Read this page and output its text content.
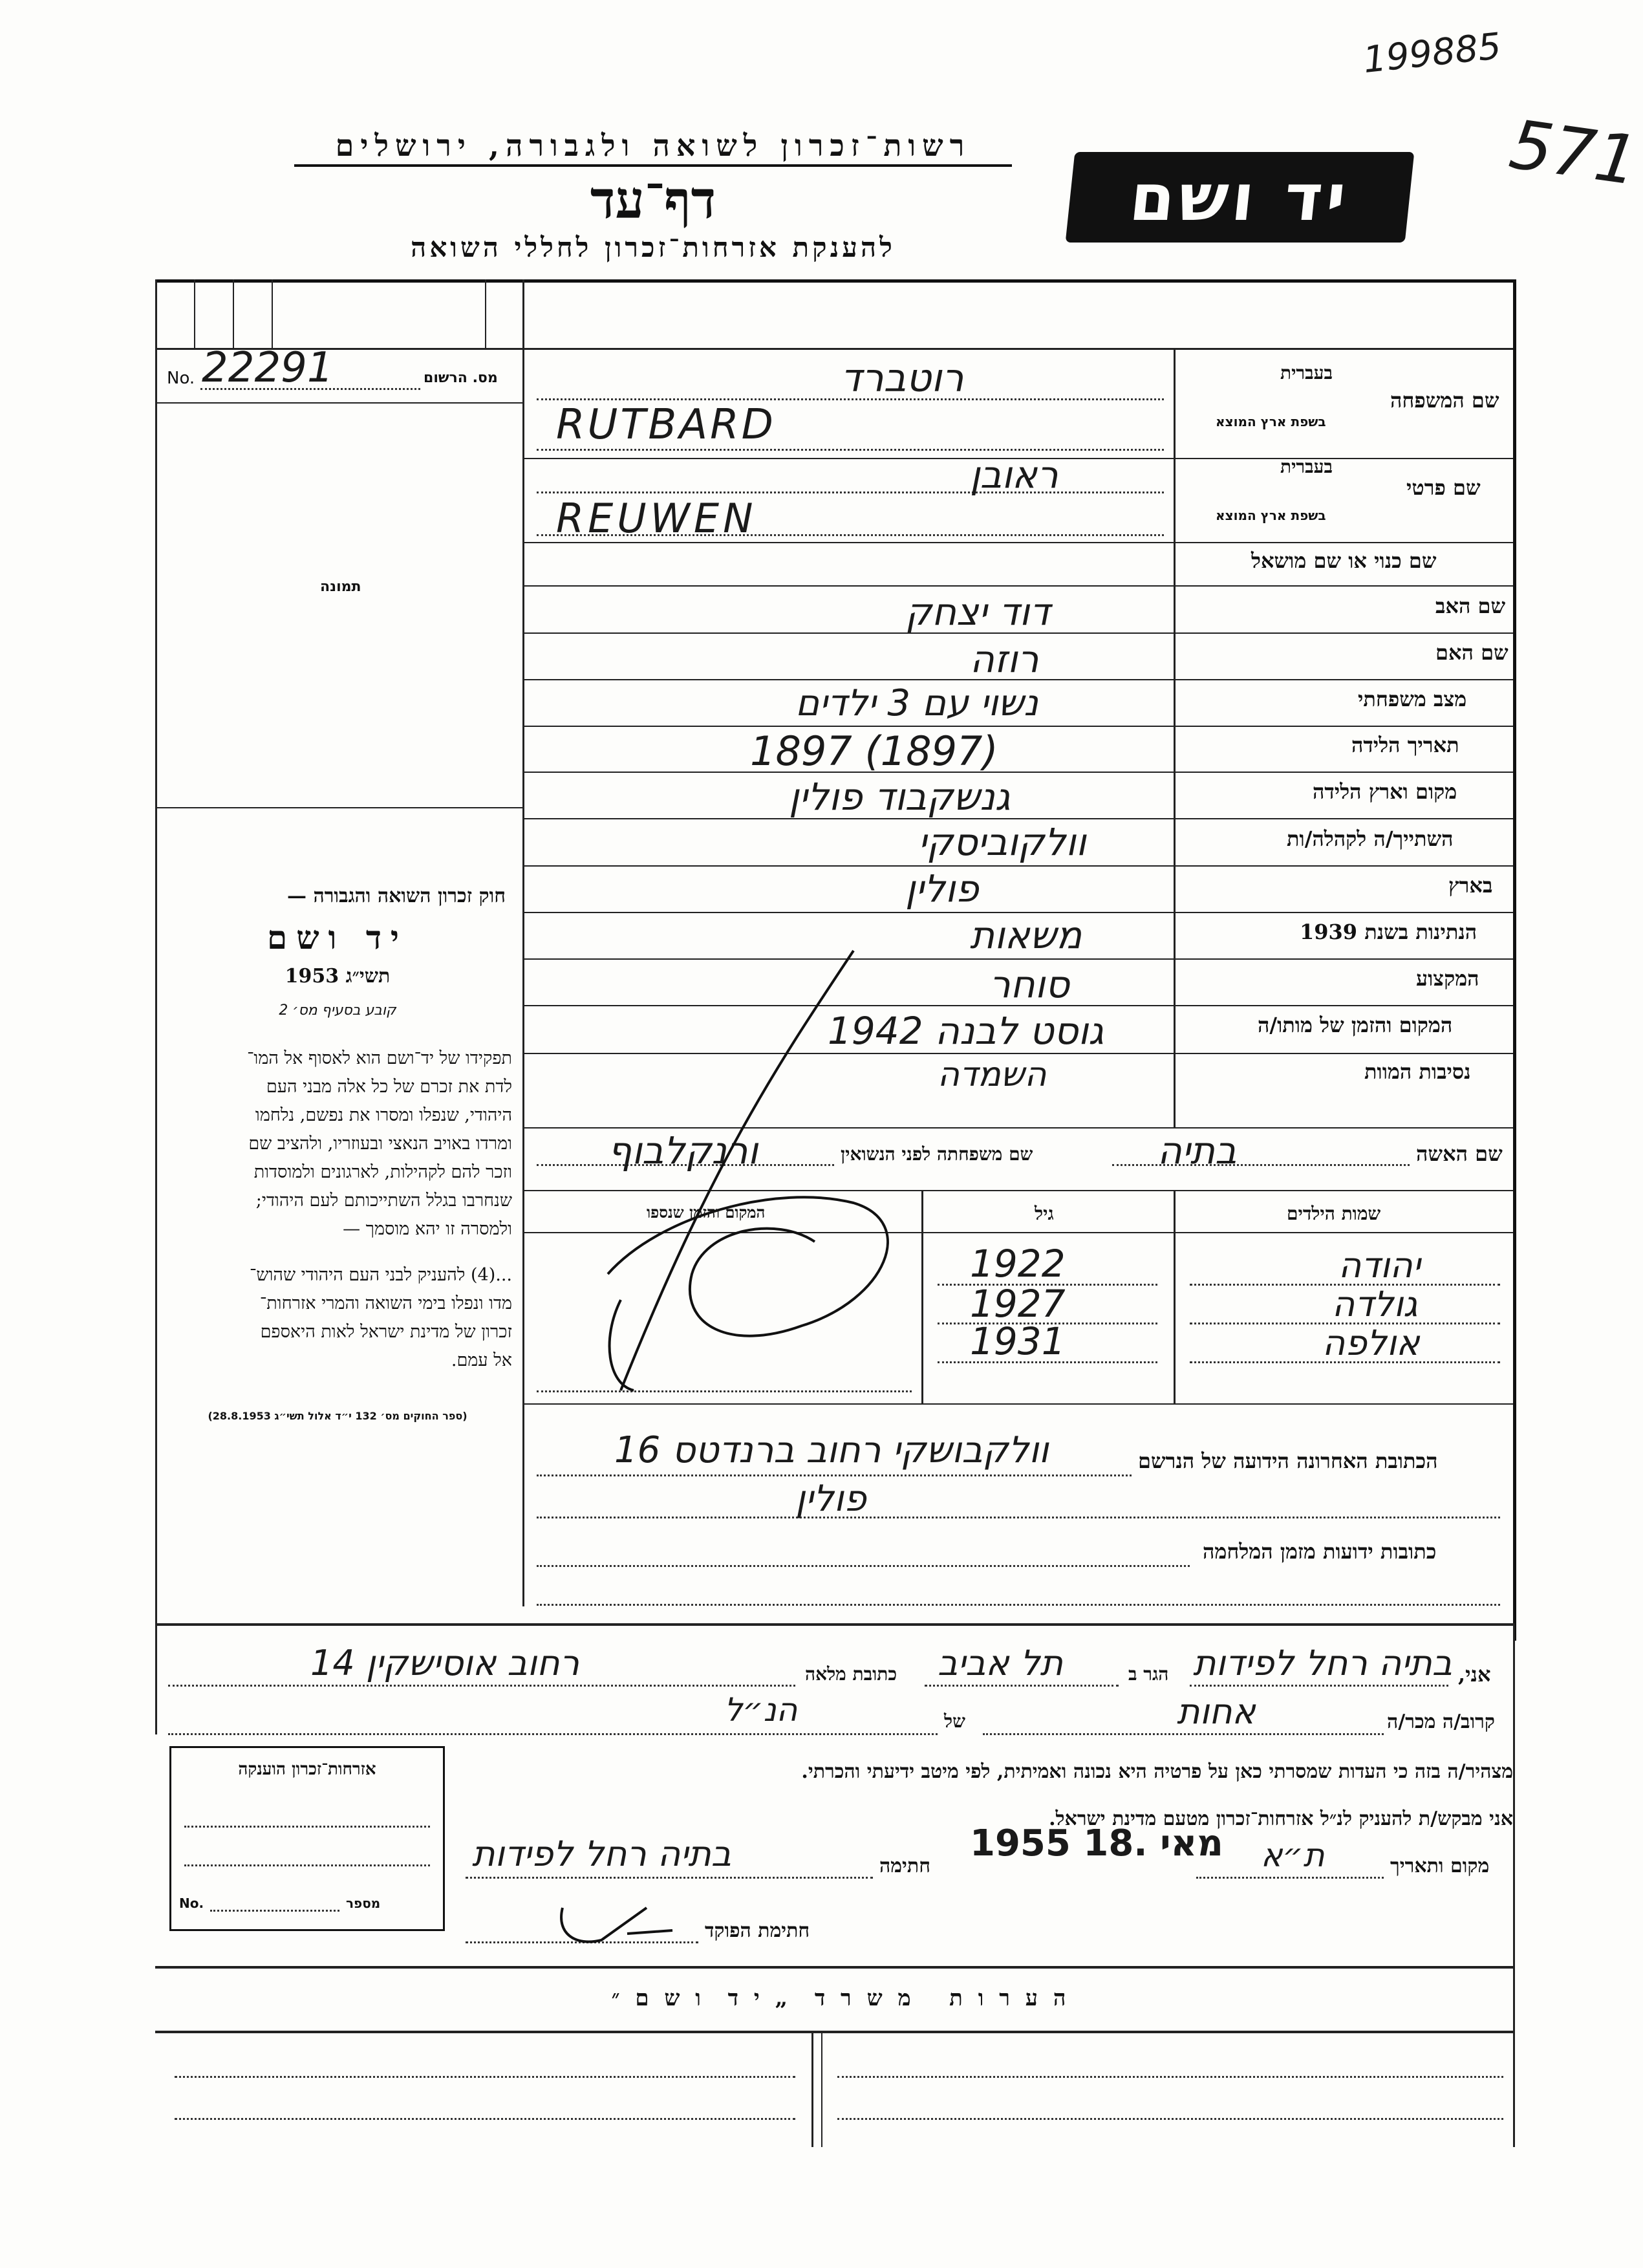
199885
571
יד ושם
רשות־זכרון לשואה ולגבורה, ירושלים
דף־עד
להענקת אזרחות־זכרון לחללי השואה
No. 22291	מס. הרשום
תמונה
חוק זכרון השואה והגבורה —
יד ושם
תשי״ג 1953
קובע בסעיף מס׳ 2
תפקידו של יד־ושם הוא לאסוף אל המו־
לדת את זכרם של כל אלה מבני העם
היהודי, שנפלו ומסרו את נפשם, נלחמו
ומרדו באויב הנאצי ובעוזריו, ולהציב שם
וזכר להם לקהילות, לארגונים ולמוסדות
שנחרבו בגלל השתייכותם לעם היהודי;
ולמסרה זו יהא מוסמך —
...(4) להעניק לבני העם היהודי שהוש־
מדו ונפלו בימי השואה והמרי אזרחות־
זכרון של מדינת ישראל לאות היאספם
אל עמם.
(ספר החוקים מס׳ 132 י״ד אלול תשי״ג 28.8.1953)
שם המשפחה
בעברית
בשפת ארץ המוצא
רוטברד
RUTBARD
שם פרטי
בעברית
בשפת ארץ המוצא
ראובן
REUWEN
שם כנוי או שם מושאל
שם האב
דוד יצחק
שם האם
רוזה
מצב משפחתי
נשוי עם 3 ילדים
תאריך הלידה
1897 (1897)
מקום וארץ הלידה
גנשקבוד פולין
השתייך/ה לקהלה/ות
וולקוביסקי
בארץ
פולין
הנתינות בשנת 1939
משאות
המקצוע
סוחר
המקום והזמן של מותו/ה
גוסט לבנה 1942
נסיבות המוות
השמדה
שם האשה
בתיה
שם משפחתה לפני הנשואין
ורנקלבוף
שמות הילדים
גיל
המקום והזמן שנספו
יהודה
1922
גולדה
1927
אולפה
1931
הכתובת האחרונה הידועה של הנרשם
וולקבושקי רחוב ברנדטס 16
פולין
כתובות ידועות מזמן המלחמה
אני,
בתיה רחל לפידות
הגר ב
תל אביב
כתובת מלאה
רחוב אוסישקין 14
קרוב/ה מכר/ה
אחות
של
הנ״ל
מצהיר/ה בזה כי העדות שמסרתי כאן על פרטיה היא נכונה ואמיתית, לפי מיטב ידיעתי והכרתי.
אני מבקש/ת להעניק לנ״ל אזרחות־זכרון מטעם מדינת ישראל.
אזרחות־זכרון הוענקה
No.	מספר
מקום ותאריך
ת״א
1955 18. מאי
חתימה
בתיה רחל לפידות
חתימת הפוקד
ה ע ר ו ת   מ ש ר ד  „ י ד  ו ש ם ״
